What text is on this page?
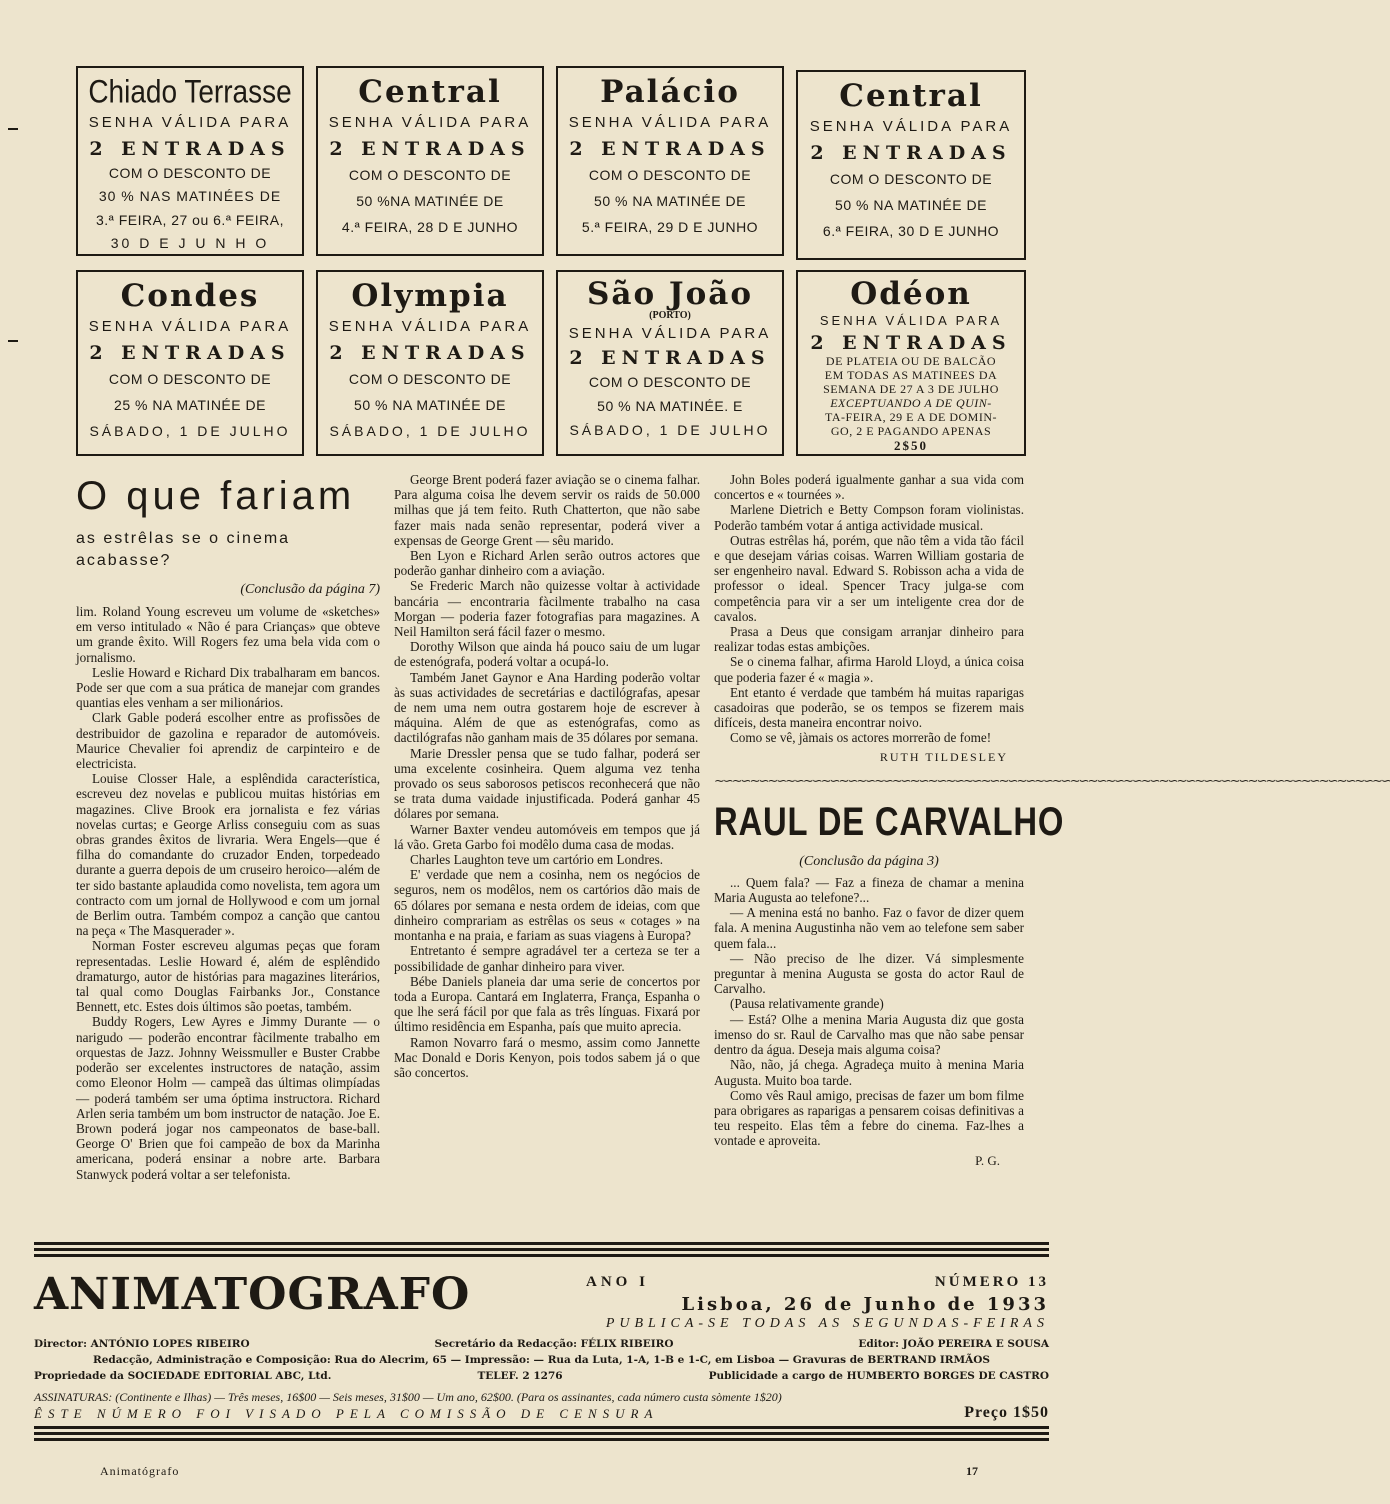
Chiado Terrasse
SENHA VÁLIDA PARA
2 ENTRADAS
COM O DESCONTO DE
30 % NAS MATINÉES DE
3.ª FEIRA, 27 ou 6.ª FEIRA,
30 D E J U N H O
Central
SENHA VÁLIDA PARA
2 ENTRADAS
COM O DESCONTO DE
50 %NA MATINÉE DE
4.ª FEIRA, 28 D E JUNHO
Palácio
SENHA VÁLIDA PARA
2 ENTRADAS
COM O DESCONTO DE
50 % NA MATINÉE DE
5.ª FEIRA, 29 D E JUNHO
Central
SENHA VÁLIDA PARA
2 ENTRADAS
COM O DESCONTO DE
50 % NA MATINÉE DE
6.ª FEIRA, 30 D E JUNHO
Condes
SENHA VÁLIDA PARA
2 ENTRADAS
COM O DESCONTO DE
25 % NA MATINÉE DE
SÁBADO, 1 DE JULHO
Olympia
SENHA VÁLIDA PARA
2 ENTRADAS
COM O DESCONTO DE
50 % NA MATINÉE DE
SÁBADO, 1 DE JULHO
São João
(PORTO)
SENHA VÁLIDA PARA
2 ENTRADAS
COM O DESCONTO DE
50 % NA MATINÉE. E
SÁBADO, 1 DE JULHO
Odéon
SENHA VÁLIDA PARA
2 ENTRADAS
DE PLATEIA OU DE BALCÃO
EM TODAS AS MATINEES DA
SEMANA DE 27 A 3 DE JULHO
EXCEPTUANDO A DE QUIN-
TA-FEIRA, 29 E A DE DOMIN-
GO, 2 E PAGANDO APENAS
2$50
O que fariam
as estrêlas se o cinema acabasse?
(Conclusão da página 7)

lim. Roland Young escreveu um volume de «sketches» em verso intitulado « Não é para Crianças» que obteve um grande êxito. Will Rogers fez uma bela vida com o jornalismo.

Leslie Howard e Richard Dix trabalharam em bancos. Pode ser que com a sua prática de manejar com grandes quantias eles venham a ser milionários.

Clark Gable poderá escolher entre as profissões de destribuidor de gazolina e reparador de automóveis. Maurice Chevalier foi aprendiz de carpinteiro e de electricista.

Louise Closser Hale, a esplêndida característica, escreveu dez novelas e publicou muitas histórias em magazines. Clive Brook era jornalista e fez várias novelas curtas; e George Arliss conseguiu com as suas obras grandes êxitos de livraria. Wera Engels—que é filha do comandante do cruzador Enden, torpedeado durante a guerra depois de um cruseiro heroico—além de ter sido bastante aplaudida como novelista, tem agora um contracto com um jornal de Hollywood e com um jornal de Berlim outra. Também compoz a canção que cantou na peça « The Masquerader ».

Norman Foster escreveu algumas peças que foram representadas. Leslie Howard é, além de esplêndido dramaturgo, autor de histórias para magazines literários, tal qual como Douglas Fairbanks Jor., Constance Bennett, etc. Estes dois últimos são poetas, também.

Buddy Rogers, Lew Ayres e Jimmy Durante — o narigudo — poderão encontrar fàcilmente trabalho em orquestas de Jazz. Johnny Weissmuller e Buster Crabbe poderão ser excelentes instructores de natação, assim como Eleonor Holm — campeã das últimas olimpíadas — poderá também ser uma óptima instructora. Richard Arlen seria também um bom instructor de natação. Joe E. Brown poderá jogar nos campeonatos de base-ball. George O' Brien que foi campeão de box da Marinha americana, poderá ensinar a nobre arte. Barbara Stanwyck poderá voltar a ser telefonista.

George Brent poderá fazer aviação se o cinema falhar. Para alguma coisa lhe devem servir os raids de 50.000 milhas que já tem feito. Ruth Chatterton, que não sabe fazer mais nada senão representar, poderá viver a expensas de George Grent — sêu marido.

Ben Lyon e Richard Arlen serão outros actores que poderão ganhar dinheiro com a aviação.

Se Frederic March não quizesse voltar à actividade bancária — encontraria fàcilmente trabalho na casa Morgan — poderia fazer fotografias para magazines. A Neil Hamilton será fácil fazer o mesmo.

Dorothy Wilson que ainda há pouco saiu de um lugar de estenógrafa, poderá voltar a ocupá-lo.

Também Janet Gaynor e Ana Harding poderão voltar às suas actividades de secretárias e dactilógrafas, apesar de nem uma nem outra gostarem hoje de escrever à máquina. Além de que as estenógrafas, como as dactilógrafas não ganham mais de 35 dólares por semana.

Marie Dressler pensa que se tudo falhar, poderá ser uma excelente cosinheira. Quem alguma vez tenha provado os seus saborosos petiscos reconhecerá que não se trata duma vaidade injustificada. Poderá ganhar 45 dólares por semana.

Warner Baxter vendeu automóveis em tempos que já lá vão. Greta Garbo foi modêlo duma casa de modas.

Charles Laughton teve um cartório em Londres.

E' verdade que nem a cosinha, nem os negócios de seguros, nem os modêlos, nem os cartórios dão mais de 65 dólares por semana e nesta ordem de ideias, com que dinheiro comprariam as estrêlas os seus « cotages » na montanha e na praia, e fariam as suas viagens à Europa?

Entretanto é sempre agradável ter a certeza se ter a possibilidade de ganhar dinheiro para viver.

Bébe Daniels planeia dar uma serie de concertos por toda a Europa. Cantará em Inglaterra, França, Espanha o que lhe será fácil por que fala as três línguas. Fixará por último residência em Espanha, país que muito aprecia.

Ramon Novarro fará o mesmo, assim como Jannette Mac Donald e Doris Kenyon, pois todos sabem já o que são concertos.

John Boles poderá igualmente ganhar a sua vida com concertos e « tournées ».

Marlene Dietrich e Betty Compson foram violinistas. Poderão também votar á antiga actividade musical.

Outras estrêlas há, porém, que não têm a vida tão fácil e que desejam várias coisas. Warren William gostaria de ser engenheiro naval. Edward S. Robisson acha a vida de professor o ideal. Spencer Tracy julga-se com competência para vir a ser um inteligente crea dor de cavalos.

Prasa a Deus que consigam arranjar dinheiro para realizar todas estas ambições.

Se o cinema falhar, afirma Harold Lloyd, a única coisa que poderia fazer é « magia ».

Ent etanto é verdade que também há muitas raparigas casadoiras que poderão, se os tempos se fizerem mais difíceis, desta maneira encontrar noivo.

Como se vê, jàmais os actores morrerão de fome!

RUTH TILDESLEY
∼∽∼∽∼∽∼∽∼∽∼∽∼∽∼∽∼∽∼∽∼∽∼∽∼∽∼∽∼∽∼∽∼∽∼∽∼∽∼∽∼∽∼∽∼∽∼∽∼∽∼∽∼∽∼∽∼∽∼∽∼∽∼∽∼∽∼∽∼∽∼∽∼∽∼∽
RAUL DE CARVALHO
(Conclusão da página 3)

... Quem fala? — Faz a fineza de chamar a menina Maria Augusta ao telefone?...

— A menina está no banho. Faz o favor de dizer quem fala. A menina Augustinha não vem ao telefone sem saber quem fala...

— Não preciso de lhe dizer. Vá simplesmente preguntar à menina Augusta se gosta do actor Raul de Carvalho.

(Pausa relativamente grande)

— Está? Olhe a menina Maria Augusta diz que gosta imenso do sr. Raul de Carvalho mas que não sabe pensar dentro da água. Deseja mais alguma coisa?

Não, não, já chega. Agradeça muito à menina Maria Augusta. Muito boa tarde.

Como vês Raul amigo, precisas de fazer um bom filme para obrigares as raparigas a pensarem coisas definitivas a teu respeito. Elas têm a febre do cinema. Faz-lhes a vontade e aproveita.

P. G.
ANIMATOGRAFO	ANO I	NÚMERO 13
Lisboa, 26 de Junho de 1933
PUBLICA-SE TODAS AS SEGUNDAS-FEIRAS
Director: ANTÓNIO LOPES RIBEIRO	Secretário da Redacção: FÉLIX RIBEIRO	Editor: JOÃO PEREIRA E SOUSA
Redacção, Administração e Composição: Rua do Alecrim, 65 — Impressão: — Rua da Luta, 1-A, 1-B e 1-C, em Lisboa — Gravuras de BERTRAND IRMÃOS
Propriedade da SOCIEDADE EDITORIAL ABC, Ltd.	TELEF. 2 1276	Publicidade a cargo de HUMBERTO BORGES DE CASTRO
ASSINATURAS: (Continente e Ilhas) — Três meses, 16$00 — Seis meses, 31$00 — Um ano, 62$00. (Para os assinantes, cada número custa sòmente 1$20)
ÊSTE NÚMERO FOI VISADO PELA COMISSÃO DE CENSURA	Preço 1$50
Animatógrafo	17
